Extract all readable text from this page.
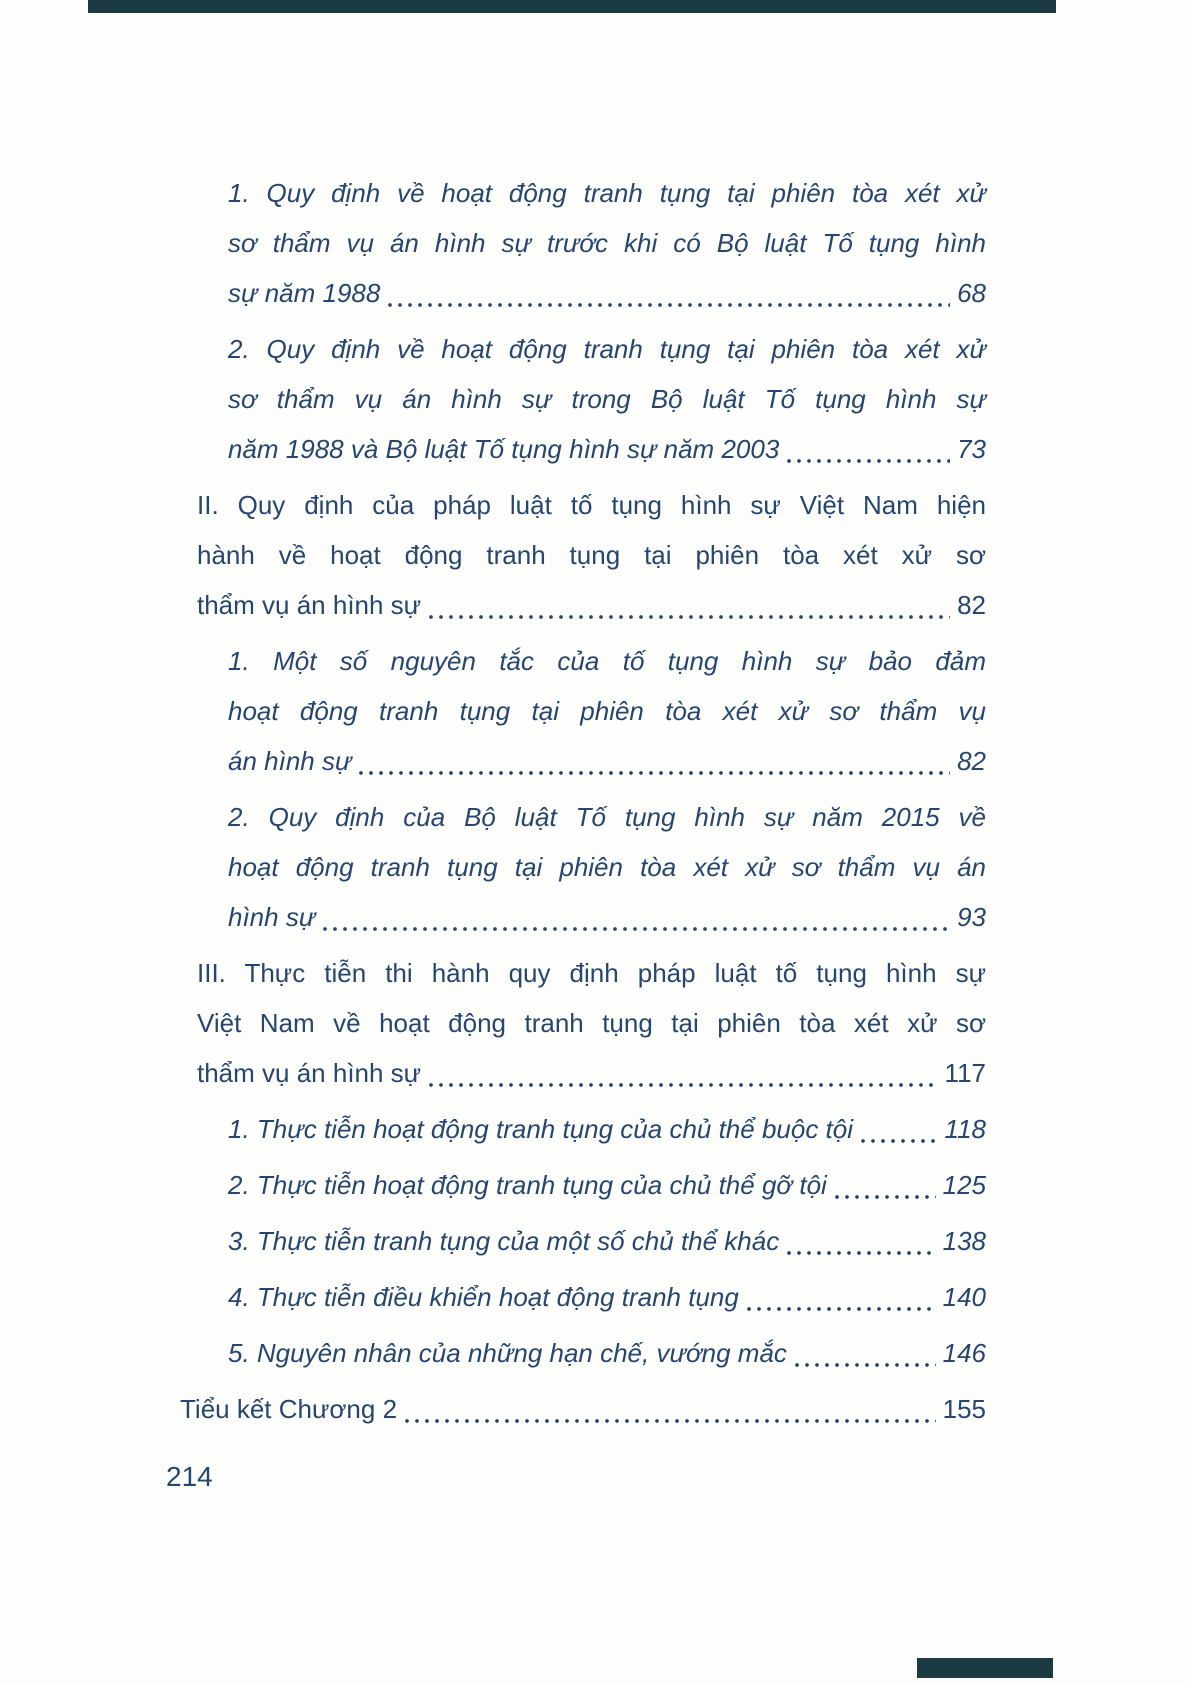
1. Quy định về hoạt động tranh tụng tại phiên tòa xét xử
sơ thẩm vụ án hình sự trước khi có Bộ luật Tố tụng hình
sự năm 1988	68
2. Quy định về hoạt động tranh tụng tại phiên tòa xét xử
sơ thẩm vụ án hình sự trong Bộ luật Tố tụng hình sự
năm 1988 và Bộ luật Tố tụng hình sự năm 2003	73
II. Quy định của pháp luật tố tụng hình sự Việt Nam hiện
hành về hoạt động tranh tụng tại phiên tòa xét xử sơ
thẩm vụ án hình sự	82
1. Một số nguyên tắc của tố tụng hình sự bảo đảm
hoạt động tranh tụng tại phiên tòa xét xử sơ thẩm vụ
án hình sự	82
2. Quy định của Bộ luật Tố tụng hình sự năm 2015 về
hoạt động tranh tụng tại phiên tòa xét xử sơ thẩm vụ án
hình sự	93
III. Thực tiễn thi hành quy định pháp luật tố tụng hình sự
Việt Nam về hoạt động tranh tụng tại phiên tòa xét xử sơ
thẩm vụ án hình sự	117
1. Thực tiễn hoạt động tranh tụng của chủ thể buộc tội	118
2. Thực tiễn hoạt động tranh tụng của chủ thể gỡ tội	125
3. Thực tiễn tranh tụng của một số chủ thể khác	138
4. Thực tiễn điều khiển hoạt động tranh tụng	140
5. Nguyên nhân của những hạn chế, vướng mắc	146
Tiểu kết Chương 2	155
214
